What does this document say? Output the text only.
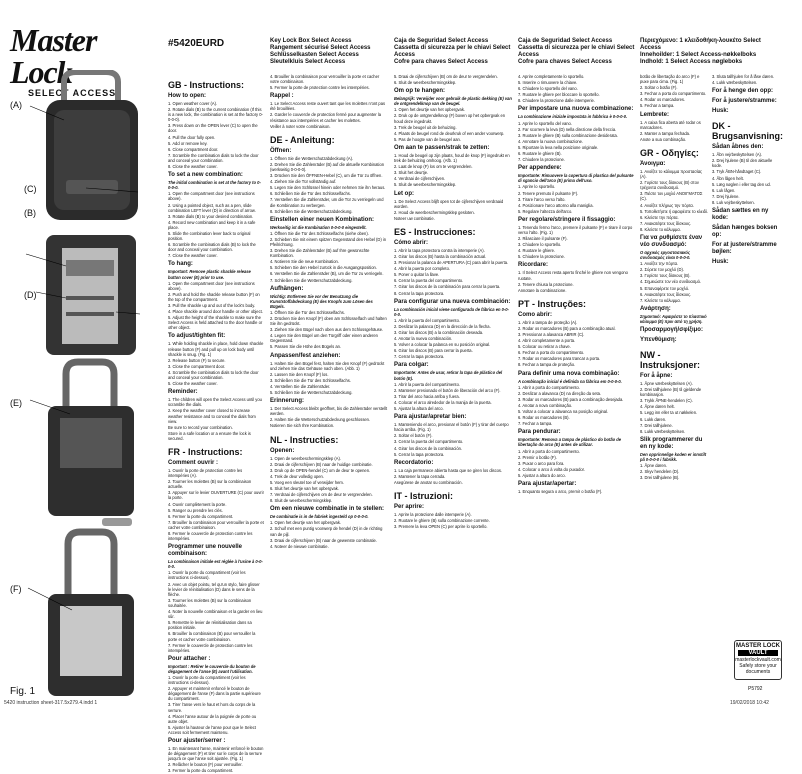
Master Lock
SELECT ACCESS
#5420EURD
(A)
(C)
(B)
(D)
(E)
(F)
Fig. 1
GB - Instructions:
How to open:

1. Open weather cover (A).

2. Rotate dials (B) to the current combination (If this is a new lock, the combination is set at the factory 0-0-0-0).

3. Press down on the OPEN lever (C) to open the door.

4. Pull the door fully open.

5. Add or remove key.

6. Close compartment door.

7. Scramble the combination dials to lock the door and conceal your combination.

8. Close the weather cover.

To set a new combination:

The initial combination is set at the factory to 0-0-0-0.

1. Open the compartment door (see instructions above).

2. Using a pointed object, such as a pen, slide combination LEFT lever (D) in direction of arrow.

3. Rotate dials (B) to your desired combination.

4. Record new combination and keep it in a safe place.

5. Slide the combination lever back to original position.

6. Scramble the combination dials (B) to lock the door and conceal your combination.

7. Close the weather cover.

To hang:

Important: Remove plastic shackle release button cover (E) prior to use.

1. Open the compartment door (see instructions above).

2. Push and hold the shackle release button (F) on the top of the compartment.

3. Pull the shackle up and out of the lock's body.

4. Place shackle around door handle or other object.

5. Adjust the height of the shackle to make sure the Select Access is held attached to the door handle or other object.

To adjust/tighten fit:

1. While holding shackle in place, hold down shackle release button (F) and pull up on lock body until shackle is snug. (Fig. 1)

2. Release button (F) to secure.

3. Close the compartment door.

4. Scramble the combination dials to lock the door and conceal your combination.

5. Close the weather cover.

Reminder:

1. The children will open the Select Access until you scramble the dials.

2. Keep the weather cover closed to increase weather resistance and to conceal the dials from view.

Be sure to record your combination.

Store in a safe location or a ensure the lock is secured.

FR - Instructions:
Comment ouvrir :

1. Ouvrir la porte de protection contre les intempéries (A).

2. Tourner les molettes (B) sur la combinaison actuelle.

3. Appuyer sur le levier OUVERTURE (C) pour ouvrir la porte.

4. Ouvrir complètement la porte.

5. Ranger ou prendre les clés.

6. Fermer la porte du compartiment.

7. Brouiller la combinaison pour verrouiller la porte et cacher votre combinaison.

8. Fermer le couvercle de protection contre les intempéries.

Programmer une nouvelle combinaison:

La combinaison initiale est réglée à l'usine à 0-0-0-0.

1. Ouvrir la porte du compartiment (voir les instructions ci-dessus).

2. Avec un objet pointu, tel qu'un stylo, faire glisser le levier de réinitialisation (D) dans le sens de la flèche.

3. Tourner les molettes (B) sur la combinaison souhaitée.

4. Noter la nouvelle combinaison et la garder en lieu sûr.

5. Remettre le levier de réinitialisation dans sa position initiale.

6. Brouiller la combinaison (B) pour verrouiller la porte et cacher votre combinaison.

7. Fermer le couvercle de protection contre les intempéries.

Pour attacher :

Important : Retirer le couvercle du bouton de dégagement de l'anse (E) avant l'utilisation.

1. Ouvrir la porte du compartiment (voir les instructions ci-dessus).

2. Appuyer et maintenir enfoncé le bouton de dégagement de l'anse (F) dans la partie supérieure du compartiment.

3. Tirer l'anse vers le haut et hors du corps de la serrure.

4. Placer l'anse autour de la poignée de porte ou autre objet.

5. Ajuster la hauteur de l'anse pour que le Select Access soit fermement maintenu.

Pour ajuster/serrer :

1. En maintenant l'anse, maintenir enfoncé le bouton de dégagement (F) et tirer sur le corps de la serrure jusqu'à ce que l'anse soit ajustée. (Fig. 1)

2. Relâcher le bouton (F) pour verrouiller.

3. Fermer la porte du compartiment.

Key Lock Box Select Access

Rangement sécurisé Select Access

Schlüsselkasten Select Access

Sleutelkluis Select Access

4. Brouiller la combinaison pour verrouiller la porte et cacher votre combinaison.

5. Fermer la porte de protection contre les intempéries.

Rappel :

1. Le Select Access reste ouvert tant que les molettes n'ont pas été brouillées.

2. Garder le couvercle de protection fermé pour augmenter la résistance aux intempéries et cacher les molettes.

Veiller à noter votre combinaison.

DE - Anleitung:
Öffnen:

1. Öffnen Sie die Wetterschutzabdeckung (A).

2. Drehen Sie die Zahlenräder (B) auf die aktuelle Kombination (werkseitig 0-0-0-0).

3. Drücken Sie den ÖFFNEN-Hebel (C), um die Tür zu öffnen.

4. Ziehen Sie die Tür vollständig auf.

5. Legen Sie den Schlüssel hinein oder nehmen Sie ihn heraus.

6. Schließen Sie die Tür des Schlüsselfachs.

7. Verstellen Sie die Zahlenräder, um die Tür zu verriegeln und die Kombination zu verbergen.

8. Schließen Sie die Wetterschutzabdeckung.

Einstellen einer neuen Kombination:

Werkseitig ist die Kombination 0-0-0-0 eingestellt.

1. Öffnen Sie die Tür des Schlüsselfachs (siehe oben).

2. Schieben Sie mit einem spitzen Gegenstand den Hebel (D) in Pfeilrichtung.

3. Drehen Sie die Zahlenräder (B) auf Ihre gewünschte Kombination.

4. Notieren Sie die neue Kombination.

5. Schieben Sie den Hebel zurück in die Ausgangsposition.

6. Verstellen Sie die Zahlenräder (B), um die Tür zu verriegeln.

7. Schließen Sie die Wetterschutzabdeckung.

Aufhängen:

Wichtig: Entfernen Sie vor der Benutzung die Kunststoffabdeckung (E) des Knopfs zum Lösen des Bügels.

1. Öffnen Sie die Tür des Schlüsselfachs.

2. Drücken Sie den Knopf (F) oben am Schlüsselfach und halten Sie ihn gedrückt.

3. Ziehen Sie den Bügel nach oben aus dem Schlossgehäuse.

4. Legen Sie den Bügel um den Türgriff oder einen anderen Gegenstand.

5. Passen Sie die Höhe des Bügels an.

Anpassen/fest anziehen:

1. Halten Sie den Bügel fest, halten Sie den Knopf (F) gedrückt und ziehen Sie das Gehäuse nach oben. (Abb. 1)

2. Lassen Sie den Knopf (F) los.

3. Schließen Sie die Tür des Schlüsselfachs.

4. Verstellen Sie die Zahlenräder.

5. Schließen Sie die Wetterschutzabdeckung.

Erinnerung:

1. Der Select Access bleibt geöffnet, bis die Zahlenräder verstellt werden.

2. Halten Sie die Wetterschutzabdeckung geschlossen.

Notieren Sie sich Ihre Kombination.

NL - Instructies:
Openen:

1. Open de weerbeschermingsklep (A).

2. Draai de cijferschijven (B) naar de huidige combinatie.

3. Druk op de OPEN-hendel (C) om de deur te openen.

4. Trek de deur volledig open.

5. Voeg een sleutel toe of verwijder hem.

6. Sluit het deurtje van het opbergvak.

7. Verdraai de cijferschijven om de deur te vergrendelen.

8. Sluit de weerbeschermingsklep.

Om een nieuwe combinatie in te stellen:

De combinatie is in de fabriek ingesteld op 0-0-0-0.

1. Open het deurtje van het opbergvak.

2. Schuif met een puntig voorwerp de hendel (D) in de richting van de pijl.

3. Draai de cijferschijven (B) naar de gewenste combinatie.

4. Noteer de nieuwe combinatie.

Caja de Seguridad Select Access

Cassetta di sicurezza per le chiavi Select Access

Cofre para chaves Select Access

5. Draai de cijferschijven (B) om de deur te vergrendelen.

6. Sluit de weerbeschermingsklep.

Om op te hangen:

Belangrijk: Verwijder voor gebruik de plastic dekking (E) van de ontgrendelknop van de beugel.

1. Open het deurtje van het opbergvak.

2. Druk op de ontgrendelknop (F) boven op het opbergvak en houd deze ingedrukt.

3. Trek de beugel uit de behuizing.

4. Plaats de beugel rond de deurkruk of een ander voorwerp.

5. Pas de hoogte van de beugel aan.

Om aan te passen/strak te zetten:

1. Houd de beugel op zijn plaats, houd de knop (F) ingedrukt en trek de behuizing omhoog. (Afb. 1)

2. Laat de knop (F) los om te vergrendelen.

3. Sluit het deurtje.

4. Verdraai de cijferschijven.

5. Sluit de weerbeschermingsklep.

Let op:

1. De Select Access blijft open tot de cijferschijven verdraaid worden.

2. Houd de weerbeschermingsklep gesloten.

Noteer uw combinatie.

ES - Instrucciones:
Cómo abrir:

1. Abrir la tapa protectora contra la intemperie (A).

2. Girar los discos (B) hasta la combinación actual.

3. Presionar la palanca de APERTURA (C) para abrir la puerta.

4. Abrir la puerta por completo.

5. Poner o quitar la llave.

6. Cerrar la puerta del compartimento.

7. Girar los discos de la combinación para cerrar la puerta.

8. Cerrar la tapa protectora.

Para configurar una nueva combinación:

La combinación inicial viene configurada de fábrica en 0-0-0-0.

1. Abrir la puerta del compartimento.

2. Deslizar la palanca (D) en la dirección de la flecha.

3. Girar los discos (B) a la combinación deseada.

4. Anotar la nueva combinación.

5. Volver a colocar la palanca en su posición original.

6. Girar los discos (B) para cerrar la puerta.

7. Cerrar la tapa protectora.

Para colgar:

Importante: Antes de usar, retirar la tapa de plástico del botón (E).

1. Abrir la puerta del compartimento.

2. Mantener presionado el botón de liberación del arco (F).

3. Tirar del arco hacia arriba y fuera.

4. Colocar el arco alrededor de la manija de la puerta.

5. Ajustar la altura del arco.

Para ajustar/apretar bien:

1. Manteniendo el arco, presionar el botón (F) y tirar del cuerpo hacia arriba. (Fig. 1)

2. Soltar el botón (F).

3. Cerrar la puerta del compartimento.

4. Girar los discos de la combinación.

5. Cerrar la tapa protectora.

Recordatorio:

1. La caja permanece abierta hasta que se giren los discos.

2. Mantener la tapa cerrada.

Asegúrese de anotar su combinación.

IT - Istruzioni:
Per aprire:

1. Aprire la protezione dalle intemperie (A).

2. Ruotare le ghiere (B) sulla combinazione corrente.

3. Premere la leva OPEN (C) per aprire lo sportello.

Caja de Seguridad Select Access

Cassetta di sicurezza per le chiavi Select Access

Cofre para chaves Select Access

4. Aprire completamente lo sportello.

5. Inserire o rimuovere la chiave.

6. Chiudere lo sportello del vano.

7. Ruotare le ghiere per bloccare lo sportello.

8. Chiudere la protezione dalle intemperie.

Per impostare una nuova combinazione:

La combinazione iniziale impostata in fabbrica è 0-0-0-0.

1. Aprire lo sportello del vano.

2. Far scorrere la leva (D) nella direzione della freccia.

3. Ruotare le ghiere (B) sulla combinazione desiderata.

4. Annotare la nuova combinazione.

5. Riportare la leva nella posizione originale.

6. Ruotare le ghiere (B).

7. Chiudere la protezione.

Per appendere:

Importante: Rimuovere la copertura di plastica del pulsante di sgancio dell'arco (E) prima dell'uso.

1. Aprire lo sportello.

2. Tenere premuto il pulsante (F).

3. Tirare l'arco verso l'alto.

4. Posizionare l'arco attorno alla maniglia.

5. Regolare l'altezza dell'arco.

Per regolare/stringere il fissaggio:

1. Tenendo fermo l'arco, premere il pulsante (F) e tirare il corpo verso l'alto. (Fig. 1)

2. Rilasciare il pulsante (F).

3. Chiudere lo sportello.

4. Ruotare le ghiere.

5. Chiudere la protezione.

Ricordare:

1. Il Select Access resta aperto finché le ghiere non vengono ruotate.

2. Tenere chiusa la protezione.

Annotare la combinazione.

PT - Instruções:
Como abrir:

1. Abrir a tampa de proteção (A).

2. Rodar os marcadores (B) para a combinação atual.

3. Pressionar a alavanca ABRIR (C).

4. Abrir completamente a porta.

5. Colocar ou retirar a chave.

6. Fechar a porta do compartimento.

7. Rodar os marcadores para trancar a porta.

8. Fechar a tampa de proteção.

Para definir uma nova combinação:

A combinação inicial é definida na fábrica em 0-0-0-0.

1. Abrir a porta do compartimento.

2. Deslizar a alavanca (D) na direção da seta.

3. Rodar os marcadores (B) para a combinação desejada.

4. Anotar a nova combinação.

5. Voltar a colocar a alavanca na posição original.

6. Rodar os marcadores (B).

7. Fechar a tampa.

Para pendurar:

Importante: Remova a tampa de plástico do botão de libertação do arco (E) antes de utilizar.

1. Abrir a porta do compartimento.

2. Premir o botão (F).

3. Puxar o arco para fora.

4. Colocar o arco à volta do puxador.

5. Ajustar a altura do arco.

Para ajustar/apertar:

1. Enquanto segura o arco, premir o botão (F).

Περιεχόμενο: 1 κλειδοθήκη-λουκέτο Select Access

Innehoilder: 1 Select Access-nøkkelboks

Indhold: 1 Select Access nøgleboks

botão de libertação do arco (F) e puxe para cima. (Fig. 1)

2. Soltar o botão (F).

3. Fechar a porta do compartimento.

4. Rodar os marcadores.

5. Fechar a tampa.

Lembrete:

1. A caixa fica aberta até rodar os marcadores.

2. Manter a tampa fechada.

Anote a sua combinação.

GR - Οδηγίες:
Άνοιγμα:

1. Ανοίξτε το κάλυμμα προστασίας (A).

2. Γυρίστε τους δίσκους (B) στον τρέχοντα συνδυασμό.

3. Πιέστε τον μοχλό ΑΝΟΙΓΜΑΤΟΣ (C).

4. Ανοίξτε πλήρως την πόρτα.

5. Τοποθετήστε ή αφαιρέστε το κλειδί.

6. Κλείστε την πόρτα.

7. Ανακατέψτε τους δίσκους.

8. Κλείστε το κάλυμμα.

Για να ρυθμίσετε έναν νέο συνδυασμό:

Ο αρχικός εργοστασιακός συνδυασμός είναι 0-0-0-0.

1. Ανοίξτε την πόρτα.

2. Σύρετε τον μοχλό (D).

3. Γυρίστε τους δίσκους (B).

4. Σημειώστε τον νέο συνδυασμό.

5. Επαναφέρετε τον μοχλό.

6. Ανακατέψτε τους δίσκους.

7. Κλείστε το κάλυμμα.

Ανάρτηση:

Σημαντικό: Αφαιρέστε το πλαστικό κάλυμμα (E) πριν από τη χρήση.

Προσαρμογή/σφίξιμο:
Υπενθύμιση:
NW - Instruksjoner:
For å åpne:

1. Åpne værbeskyttelsen (A).

2. Drei tallhjulene (B) til gjeldende kombinasjon.

3. Trykk ÅPNE-hendelen (C).

4. Åpne døren helt.

5. Legg inn eller ta ut nøkkelen.

6. Lukk døren.

7. Drei tallhjulene.

8. Lukk værbeskyttelsen.

Slik programmerer du en ny kode:

Den opprinnelige koden er innstilt på 0-0-0-0 i fabrikk.

1. Åpne døren.

2. Skyv hendelen (D).

3. Drei tallhjulene (B).

3. Sluta tallhjulen for å låse døren.

4. Lukk værbeskyttelsen.

For å henge den opp:
For å justere/stramme:
Husk:
DK - Brugsanvisning:
Sådan åbnes den:

1. Åbn vejrbeskyttelsen (A).

2. Drej hjulene (B) til den aktuelle kode.

3. Tryk ÅBN-håndtaget (C).

4. Åbn lågen helt.

5. Læg nøglen i eller tag den ud.

6. Luk lågen.

7. Drej hjulene.

8. Luk vejrbeskyttelsen.

Sådan sættes en ny kode:
Sådan hænges boksen op:
For at justere/stramme bøjlen:
Husk:
MASTER LOCK
VAULT
masterlockvault.com
Safely store your documents
P5792
5420 instruction sheet-317.5x279.4.indd 1	19/02/2018 10:42
